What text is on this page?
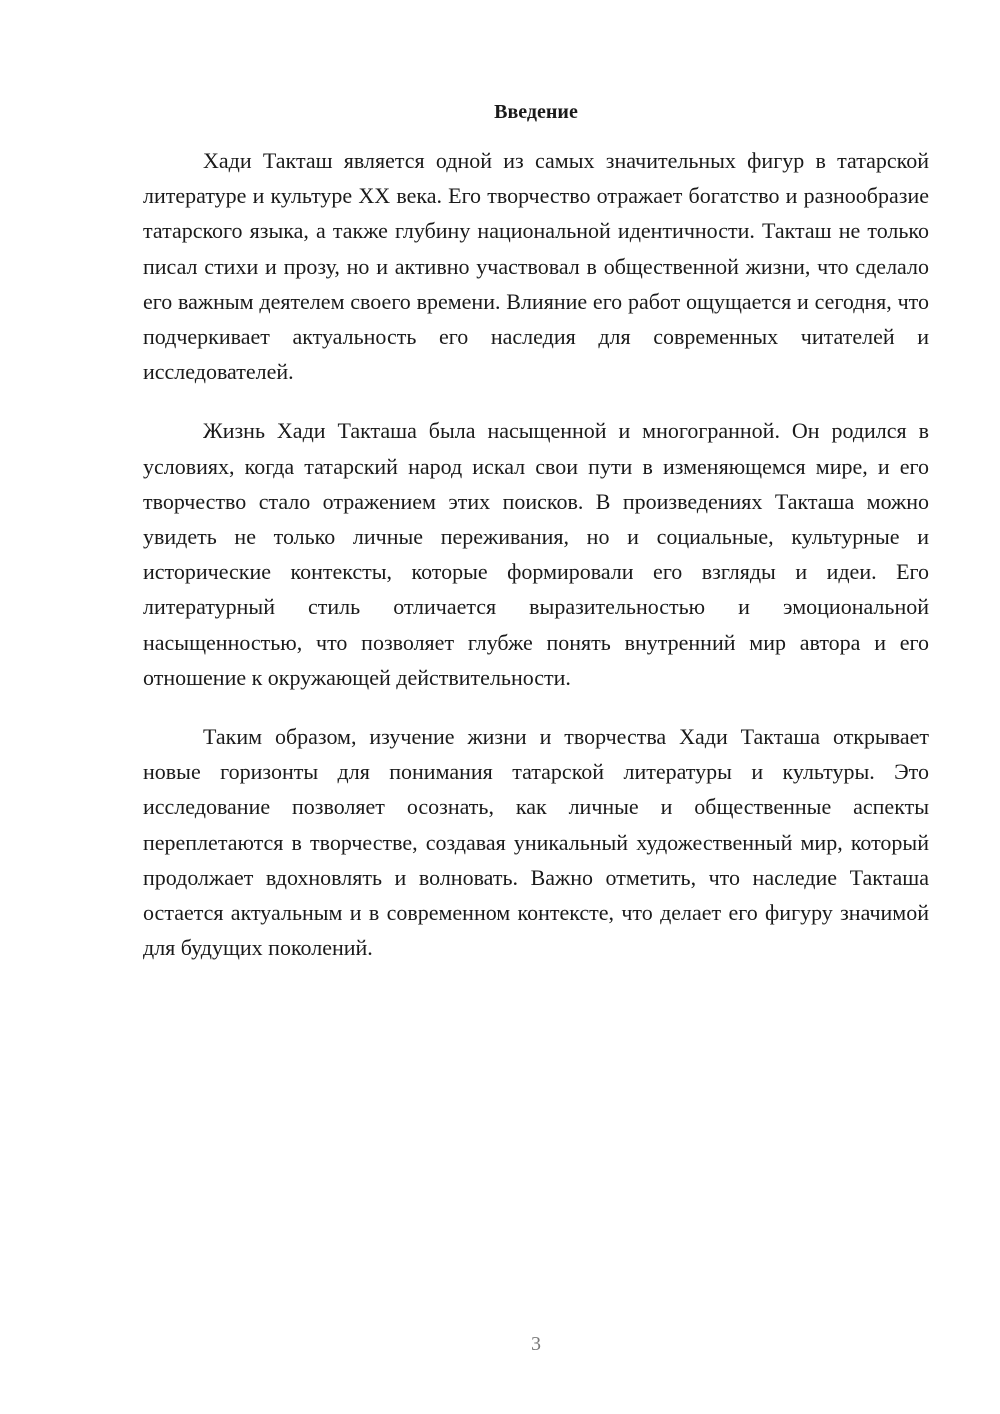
Введение

Хади Такташ является одной из самых значительных фигур в татарской литературе и культуре XX века. Его творчество отражает богатство и разнообразие татарского языка, а также глубину национальной идентичности. Такташ не только писал стихи и прозу, но и активно участвовал в общественной жизни, что сделало его важным деятелем своего времени. Влияние его работ ощущается и сегодня, что подчеркивает актуальность его наследия для современных читателей и исследователей.

Жизнь Хади Такташа была насыщенной и многогранной. Он родился в условиях, когда татарский народ искал свои пути в изменяющемся мире, и его творчество стало отражением этих поисков. В произведениях Такташа можно увидеть не только личные переживания, но и социальные, культурные и исторические контексты, которые формировали его взгляды и идеи. Его литературный стиль отличается выразительностью и эмоциональной насыщенностью, что позволяет глубже понять внутренний мир автора и его отношение к окружающей действительности.

Таким образом, изучение жизни и творчества Хади Такташа открывает новые горизонты для понимания татарской литературы и культуры. Это исследование позволяет осознать, как личные и общественные аспекты переплетаются в творчестве, создавая уникальный художественный мир, который продолжает вдохновлять и волновать. Важно отметить, что наследие Такташа остается актуальным и в современном контексте, что делает его фигуру значимой для будущих поколений.

3
